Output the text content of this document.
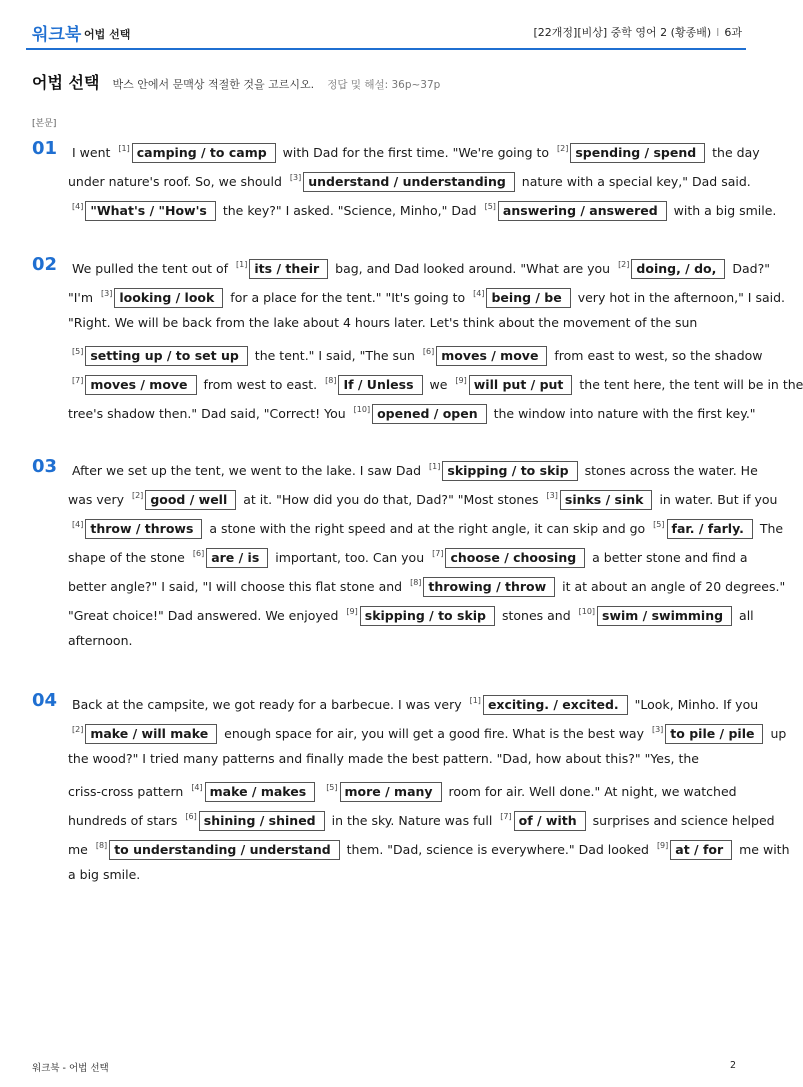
워크북 어법 선택	[22개정][비상] 중학 영어 2 (황종배) I 6과
어법 선택 박스 안에서 문맥상 적절한 것을 고르시오. 정답 및 해설: 36p~37p
[본문]
01 I went [1] camping / to camp with Dad for the first time. "We're going to [2] spending / spend the day
under nature's roof. So, we should [3] understand / understanding nature with a special key," Dad said.
[4] "What's / "How's the key?" I asked. "Science, Minho," Dad [5] answering / answered with a big smile.
02 We pulled the tent out of [1] its / their bag, and Dad looked around. "What are you [2] doing, / do, Dad?"
"I'm [3] looking / look for a place for the tent." "It's going to [4] being / be very hot in the afternoon," I said.
"Right. We will be back from the lake about 4 hours later. Let's think about the movement of the sun
[5] setting up / to set up the tent." I said, "The sun [6] moves / move from east to west, so the shadow
[7] moves / move from west to east. [8] If / Unless we [9] will put / put the tent here, the tent will be in the
tree's shadow then." Dad said, "Correct! You [10] opened / open the window into nature with the first key."
03 After we set up the tent, we went to the lake. I saw Dad [1] skipping / to skip stones across the water. He
was very [2] good / well at it. "How did you do that, Dad?" "Most stones [3] sinks / sink in water. But if you
[4] throw / throws a stone with the right speed and at the right angle, it can skip and go [5] far. / farly. The
shape of the stone [6] are / is important, too. Can you [7] choose / choosing a better stone and find a
better angle?" I said, "I will choose this flat stone and [8] throwing / throw it at about an angle of 20 degrees."
"Great choice!" Dad answered. We enjoyed [9] skipping / to skip stones and [10] swim / swimming all
afternoon.
04 Back at the campsite, we got ready for a barbecue. I was very [1] exciting. / excited. "Look, Minho. If you
[2] make / will make enough space for air, you will get a good fire. What is the best way [3] to pile / pile up
the wood?" I tried many patterns and finally made the best pattern. "Dad, how about this?" "Yes, the
criss-cross pattern [4] make / makes [5] more / many room for air. Well done." At night, we watched
hundreds of stars [6] shining / shined in the sky. Nature was full [7] of / with surprises and science helped
me [8] to understanding / understand them. "Dad, science is everywhere." Dad looked [9] at / for me with
a big smile.
워크북 - 어법 선택	2
